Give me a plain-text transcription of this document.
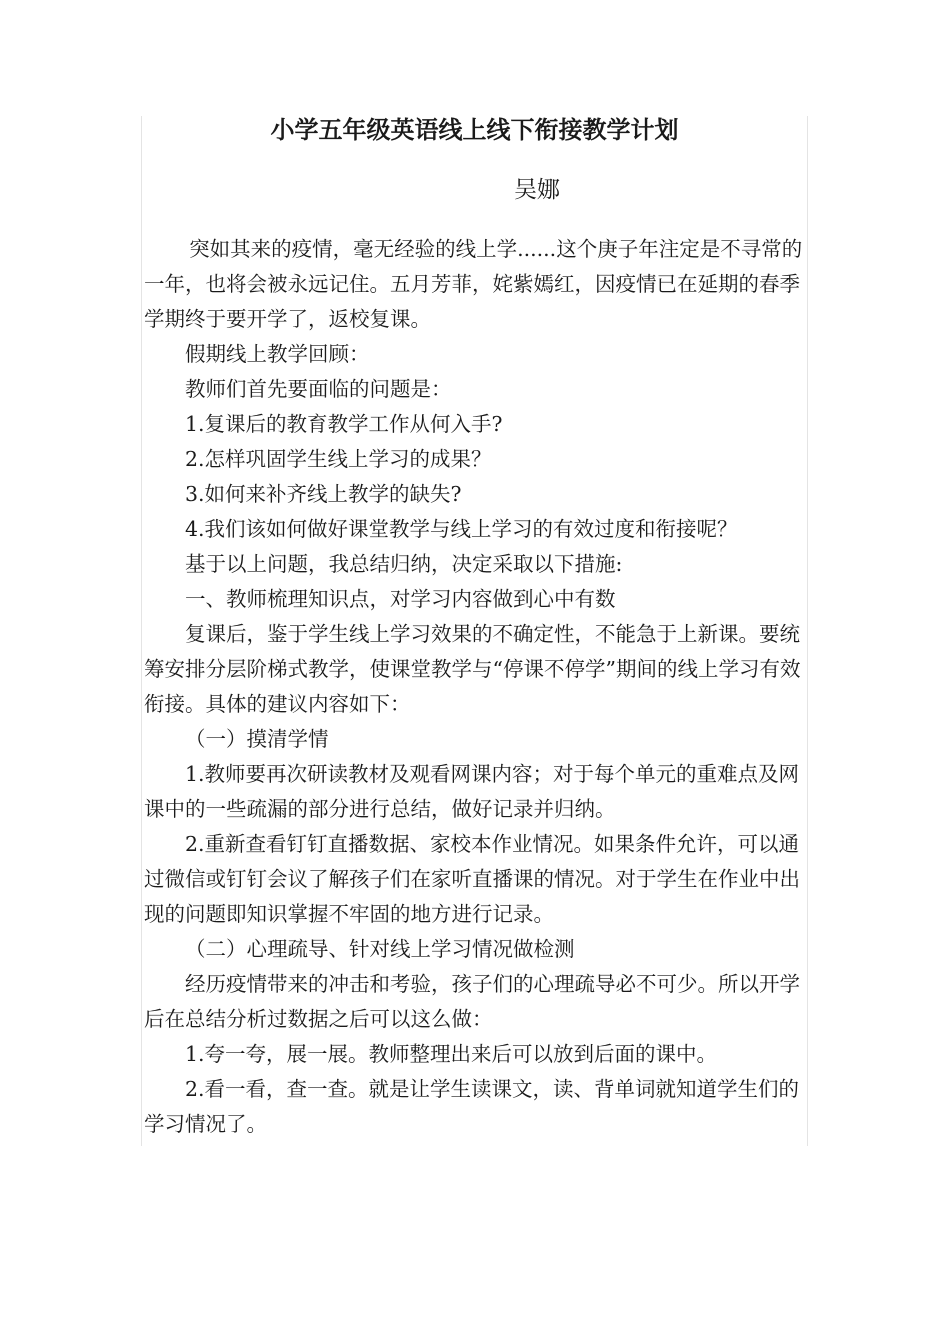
小学五年级英语线上线下衔接教学计划
吴娜

突如其来的疫情，毫无经验的线上学......这个庚子年注定是不寻常的一年，也将会被永远记住。五月芳菲，姹紫嫣红，因疫情已在延期的春季学期终于要开学了，返校复课。

假期线上教学回顾：

教师们首先要面临的问题是：

1.复课后的教育教学工作从何入手?

2.怎样巩固学生线上学习的成果？

3.如何来补齐线上教学的缺失?

4.我们该如何做好课堂教学与线上学习的有效过度和衔接呢？

基于以上问题，我总结归纳，决定采取以下措施:

一、教师梳理知识点，对学习内容做到心中有数

复课后，鉴于学生线上学习效果的不确定性，不能急于上新课。要统筹安排分层阶梯式教学，使课堂教学与“停课不停学”期间的线上学习有效衔接。具体的建议内容如下：

（一）摸清学情

1.教师要再次研读教材及观看网课内容；对于每个单元的重难点及网课中的一些疏漏的部分进行总结，做好记录并归纳。

2.重新查看钉钉直播数据、家校本作业情况。如果条件允许，可以通过微信或钉钉会议了解孩子们在家听直播课的情况。对于学生在作业中出现的问题即知识掌握不牢固的地方进行记录。

（二）心理疏导、针对线上学习情况做检测

经历疫情带来的冲击和考验，孩子们的心理疏导必不可少。所以开学后在总结分析过数据之后可以这么做：

1.夸一夸，展一展。教师整理出来后可以放到后面的课中。

2.看一看，查一查。就是让学生读课文，读、背单词就知道学生们的学习情况了。
